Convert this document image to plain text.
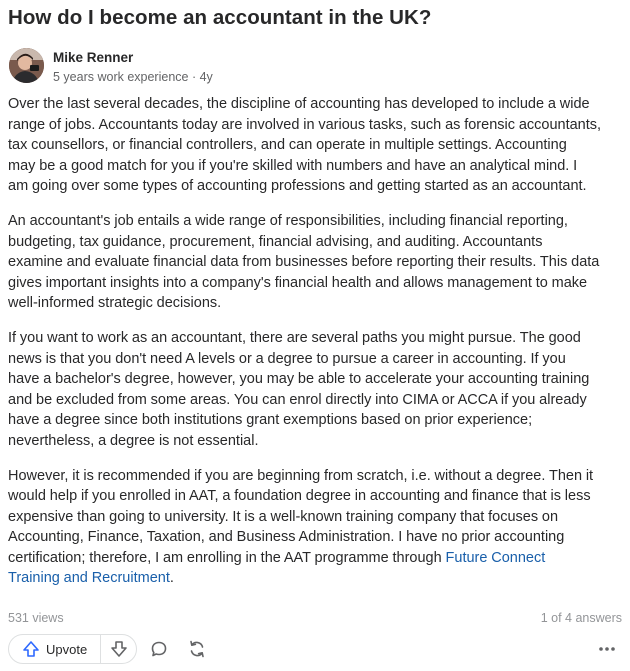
How do I become an accountant in the UK?
Mike Renner
5 years work experience · 4y

Over the last several decades, the discipline of accounting has developed to include a wide
range of jobs. Accountants today are involved in various tasks, such as forensic accountants,
tax counsellors, or financial controllers, and can operate in multiple settings. Accounting
may be a good match for you if you're skilled with numbers and have an analytical mind. I
am going over some types of accounting professions and getting started as an accountant.

An accountant's job entails a wide range of responsibilities, including financial reporting,
budgeting, tax guidance, procurement, financial advising, and auditing. Accountants
examine and evaluate financial data from businesses before reporting their results. This data
gives important insights into a company's financial health and allows management to make
well-informed strategic decisions.

If you want to work as an accountant, there are several paths you might pursue. The good
news is that you don't need A levels or a degree to pursue a career in accounting. If you
have a bachelor's degree, however, you may be able to accelerate your accounting training
and be excluded from some areas. You can enrol directly into CIMA or ACCA if you already
have a degree since both institutions grant exemptions based on prior experience;
nevertheless, a degree is not essential.

However, it is recommended if you are beginning from scratch, i.e. without a degree. Then it
would help if you enrolled in AAT, a foundation degree in accounting and finance that is less
expensive than going to university. It is a well-known training company that focuses on
Accounting, Finance, Taxation, and Business Administration. I have no prior accounting
certification; therefore, I am enrolling in the AAT programme through Future Connect
Training and Recruitment.

531 views	1 of 4 answers
Upvote
